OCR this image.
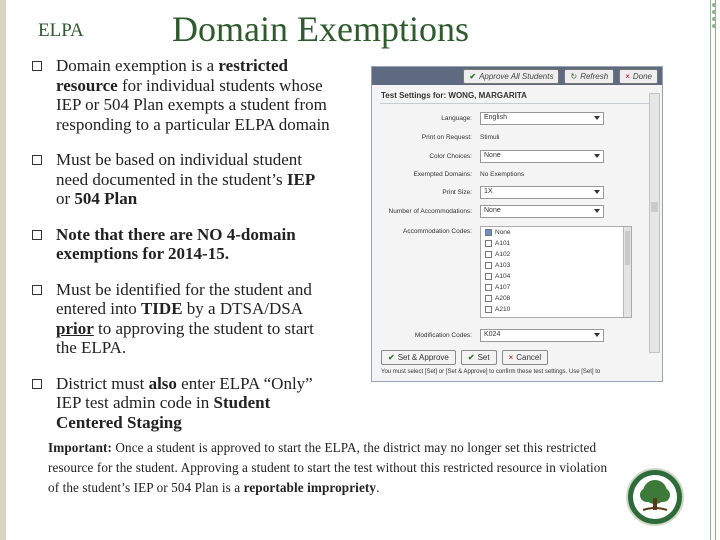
ELPA Domain Exemptions
Domain exemption is a restricted resource for individual students whose IEP or 504 Plan exempts a student from responding to a particular ELPA domain
Must be based on individual student need documented in the student’s IEP or 504 Plan
Note that there are NO 4-domain exemptions for 2014-15.
Must be identified for the student and entered into TIDE by a DTSA/DSA prior to approving the student to start the ELPA.
District must also enter ELPA “Only” IEP test admin code in Student Centered Staging
✔ Approve All Students ↻ Refresh × Done
Test Settings for: WONG, MARGARITA
Language: English
Print on Request: Stimuli
Color Choices: None
Exempted Domains: No Exemptions
Print Size: 1X
Number of Accommodations: None
Accommodation Codes:	None
A101
A102
A103
A104
A107
A208
A210
Modification Codes: K024
✔ Set & Approve ✔ Set × Cancel
You must select [Set] or [Set & Approve] to confirm these test settings. Use [Set] to
Important: Once a student is approved to start the ELPA, the district may no longer set this restricted resource for the student. Approving a student to start the test without this restricted resource in violation of the student’s IEP or 504 Plan is a reportable impropriety.
